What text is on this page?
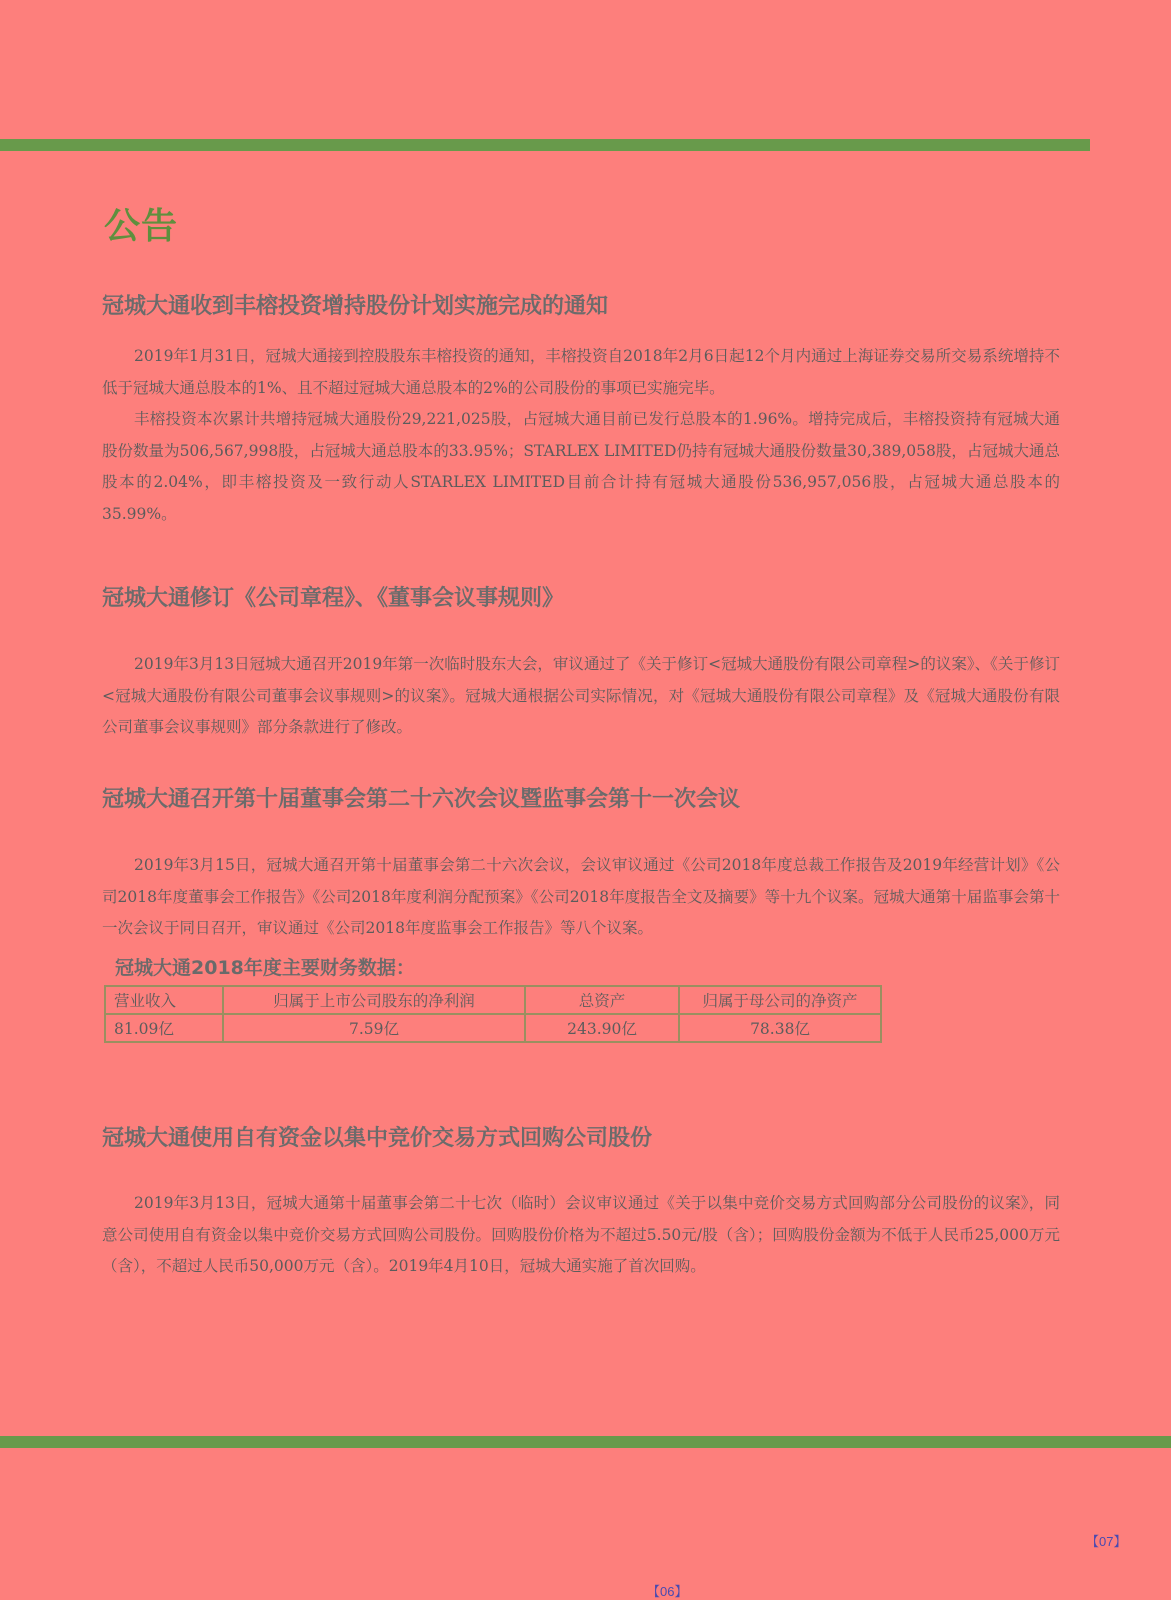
公告
冠城大通收到丰榕投资增持股份计划实施完成的通知

2019年1月31日，冠城大通接到控股股东丰榕投资的通知，丰榕投资自2018年2月6日起12个月内通过上海证券交易所交易系统增持不低于冠城大通总股本的1%、且不超过冠城大通总股本的2%的公司股份的事项已实施完毕。

丰榕投资本次累计共增持冠城大通股份29,221,025股，占冠城大通目前已发行总股本的1.96%。增持完成后，丰榕投资持有冠城大通股份数量为506,567,998股，占冠城大通总股本的33.95%；STARLEX LIMITED仍持有冠城大通股份数量30,389,058股，占冠城大通总股本的2.04%，即丰榕投资及一致行动人STARLEX LIMITED目前合计持有冠城大通股份536,957,056股，占冠城大通总股本的35.99%。

冠城大通修订《公司章程》、《董事会议事规则》

2019年3月13日冠城大通召开2019年第一次临时股东大会，审议通过了《关于修订<冠城大通股份有限公司章程>的议案》、《关于修订<冠城大通股份有限公司董事会议事规则>的议案》。冠城大通根据公司实际情况，对《冠城大通股份有限公司章程》及《冠城大通股份有限公司董事会议事规则》部分条款进行了修改。

冠城大通召开第十届董事会第二十六次会议暨监事会第十一次会议

2019年3月15日，冠城大通召开第十届董事会第二十六次会议，会议审议通过《公司2018年度总裁工作报告及2019年经营计划》《公司2018年度董事会工作报告》《公司2018年度利润分配预案》《公司2018年度报告全文及摘要》等十九个议案。冠城大通第十届监事会第十一次会议于同日召开，审议通过《公司2018年度监事会工作报告》等八个议案。

冠城大通2018年度主要财务数据：
营业收入	归属于上市公司股东的净利润	总资产	归属于母公司的净资产
81.09亿	7.59亿	243.90亿	78.38亿
冠城大通使用自有资金以集中竞价交易方式回购公司股份

2019年3月13日，冠城大通第十届董事会第二十七次（临时）会议审议通过《关于以集中竞价交易方式回购部分公司股份的议案》，同意公司使用自有资金以集中竞价交易方式回购公司股份。回购股份价格为不超过5.50元/股（含）；回购股份金额为不低于人民币25,000万元（含），不超过人民币50,000万元（含）。2019年4月10日，冠城大通实施了首次回购。

【07】
【06】
